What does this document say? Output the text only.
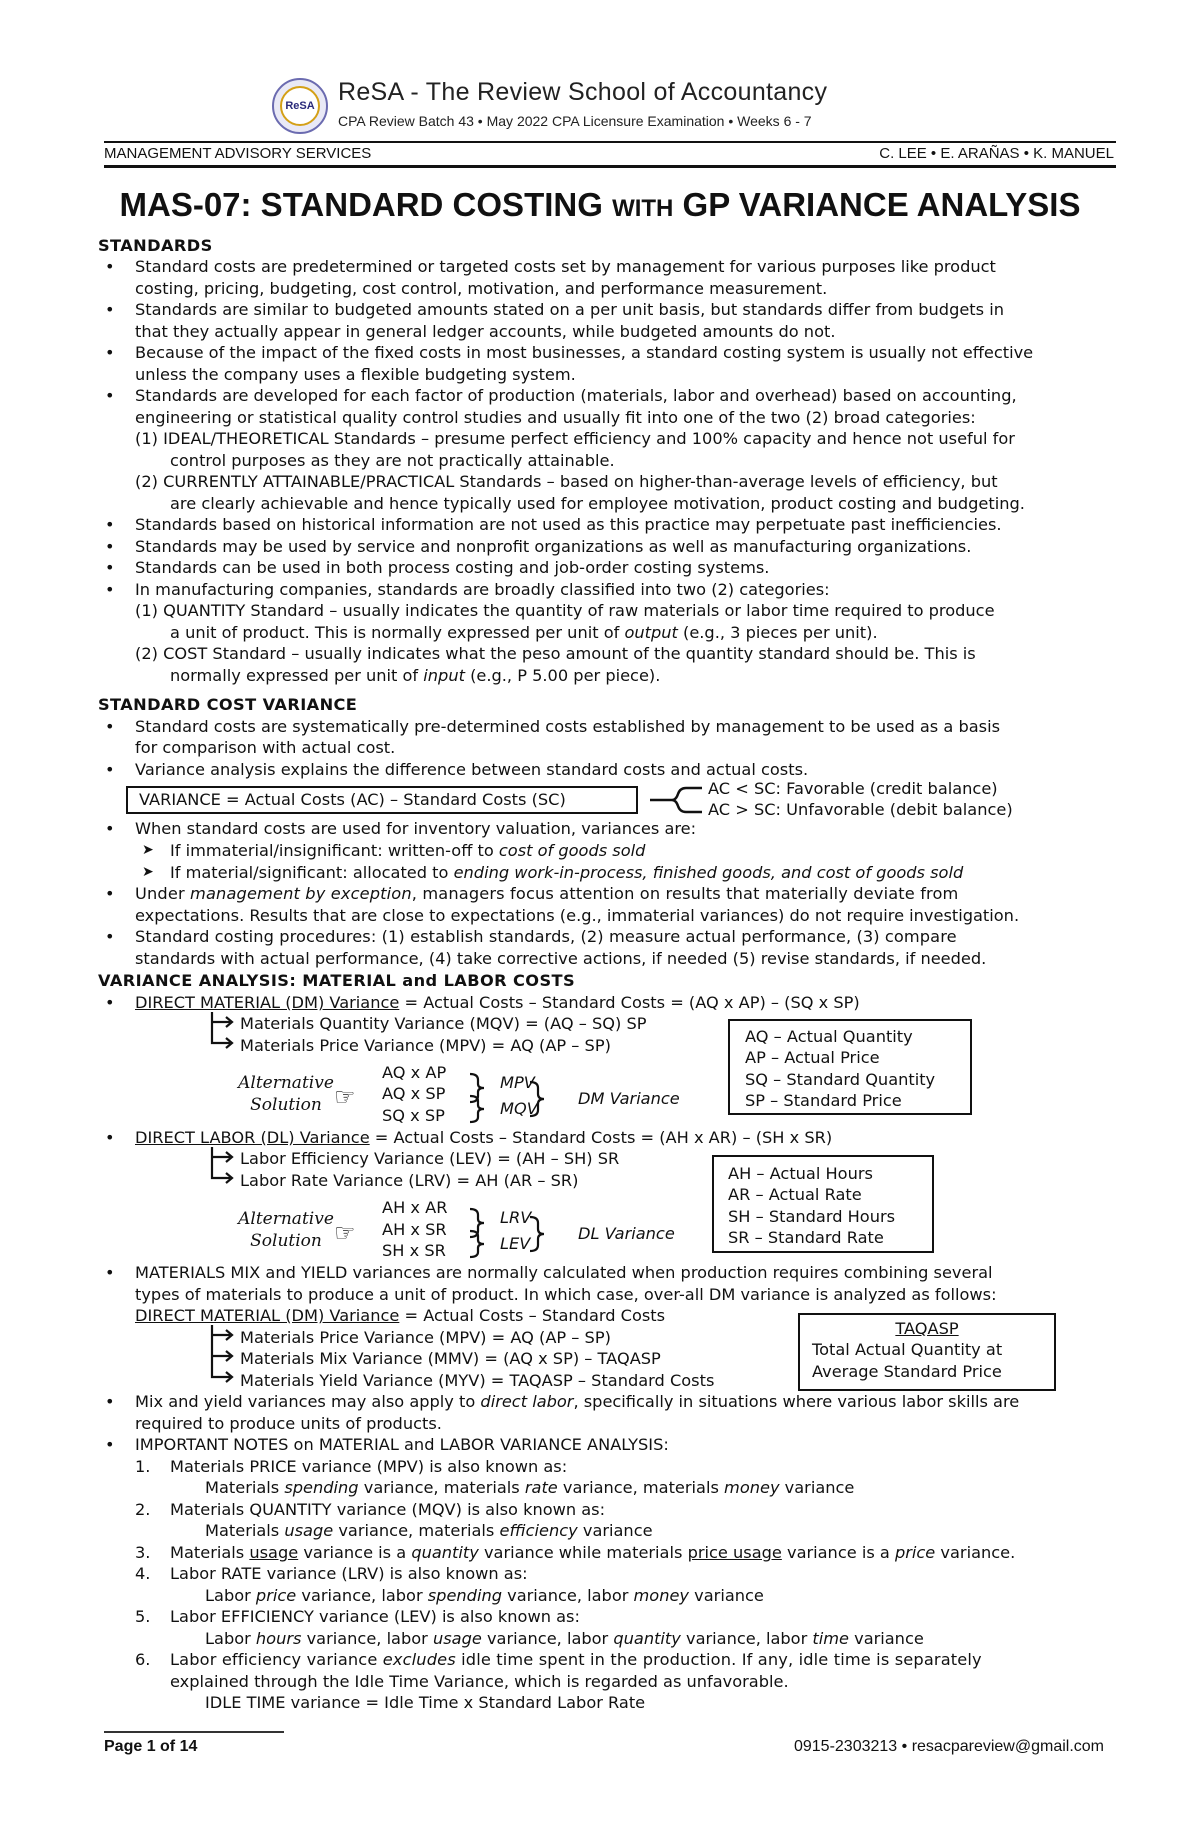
ReSA ReSA - The Review School of Accountancy
CPA Review Batch 43 • May 2022 CPA Licensure Examination • Weeks 6 - 7
MANAGEMENT ADVISORY SERVICES	C. LEE • E. ARAÑAS • K. MANUEL
MAS-07: STANDARD COSTING WITH GP VARIANCE ANALYSIS
STANDARDS
• Standard costs are predetermined or targeted costs set by management for various purposes like product
costing, pricing, budgeting, cost control, motivation, and performance measurement.
• Standards are similar to budgeted amounts stated on a per unit basis, but standards differ from budgets in
that they actually appear in general ledger accounts, while budgeted amounts do not.
• Because of the impact of the fixed costs in most businesses, a standard costing system is usually not effective
unless the company uses a flexible budgeting system.
• Standards are developed for each factor of production (materials, labor and overhead) based on accounting,
engineering or statistical quality control studies and usually fit into one of the two (2) broad categories:
(1) IDEAL/THEORETICAL Standards – presume perfect efficiency and 100% capacity and hence not useful for
control purposes as they are not practically attainable.
(2) CURRENTLY ATTAINABLE/PRACTICAL Standards – based on higher-than-average levels of efficiency, but
are clearly achievable and hence typically used for employee motivation, product costing and budgeting.
• Standards based on historical information are not used as this practice may perpetuate past inefficiencies.
• Standards may be used by service and nonprofit organizations as well as manufacturing organizations.
• Standards can be used in both process costing and job-order costing systems.
• In manufacturing companies, standards are broadly classified into two (2) categories:
(1) QUANTITY Standard – usually indicates the quantity of raw materials or labor time required to produce
a unit of product. This is normally expressed per unit of output (e.g., 3 pieces per unit).
(2) COST Standard – usually indicates what the peso amount of the quantity standard should be. This is
normally expressed per unit of input (e.g., P 5.00 per piece).
STANDARD COST VARIANCE
• Standard costs are systematically pre-determined costs established by management to be used as a basis
for comparison with actual cost.
• Variance analysis explains the difference between standard costs and actual costs.
VARIANCE = Actual Costs (AC) – Standard Costs (SC)
AC < SC: Favorable (credit balance)
AC > SC: Unfavorable (debit balance)
• When standard costs are used for inventory valuation, variances are:
➤ If immaterial/insignificant: written-off to cost of goods sold
➤ If material/significant: allocated to ending work-in-process, finished goods, and cost of goods sold
• Under management by exception, managers focus attention on results that materially deviate from
expectations. Results that are close to expectations (e.g., immaterial variances) do not require investigation.
• Standard costing procedures: (1) establish standards, (2) measure actual performance, (3) compare
standards with actual performance, (4) take corrective actions, if needed (5) revise standards, if needed.
VARIANCE ANALYSIS: MATERIAL and LABOR COSTS
• DIRECT MATERIAL (DM) Variance = Actual Costs – Standard Costs = (AQ x AP) – (SQ x SP)
Materials Quantity Variance (MQV) = (AQ – SQ) SP
Materials Price Variance (MPV) = AQ (AP – SP)	AQ – Actual Quantity
AP – Actual Price
SQ – Standard Quantity
SP – Standard Price
Alternative
Solution ☞
AQ x AP
AQ x SP
SQ x SP
MPV
MQV
DM Variance
• DIRECT LABOR (DL) Variance = Actual Costs – Standard Costs = (AH x AR) – (SH x SR)
Labor Efficiency Variance (LEV) = (AH – SH) SR
Labor Rate Variance (LRV) = AH (AR – SR)	AH – Actual Hours
AR – Actual Rate
SH – Standard Hours
SR – Standard Rate
Alternative
Solution ☞
AH x AR
AH x SR
SH x SR
LRV
LEV
DL Variance
• MATERIALS MIX and YIELD variances are normally calculated when production requires combining several
types of materials to produce a unit of product. In which case, over-all DM variance is analyzed as follows:
DIRECT MATERIAL (DM) Variance = Actual Costs – Standard Costs
Materials Price Variance (MPV) = AQ (AP – SP)
Materials Mix Variance (MMV) = (AQ x SP) – TAQASP
Materials Yield Variance (MYV) = TAQASP – Standard Costs
TAQASP
Total Actual Quantity at
Average Standard Price
• Mix and yield variances may also apply to direct labor, specifically in situations where various labor skills are
required to produce units of products.
• IMPORTANT NOTES on MATERIAL and LABOR VARIANCE ANALYSIS:
1. Materials PRICE variance (MPV) is also known as:
Materials spending variance, materials rate variance, materials money variance
2. Materials QUANTITY variance (MQV) is also known as:
Materials usage variance, materials efficiency variance
3. Materials usage variance is a quantity variance while materials price usage variance is a price variance.
4. Labor RATE variance (LRV) is also known as:
Labor price variance, labor spending variance, labor money variance
5. Labor EFFICIENCY variance (LEV) is also known as:
Labor hours variance, labor usage variance, labor quantity variance, labor time variance
6. Labor efficiency variance excludes idle time spent in the production. If any, idle time is separately
explained through the Idle Time Variance, which is regarded as unfavorable.
IDLE TIME variance = Idle Time x Standard Labor Rate
Page 1 of 14	0915-2303213 • resacpareview@gmail.com
